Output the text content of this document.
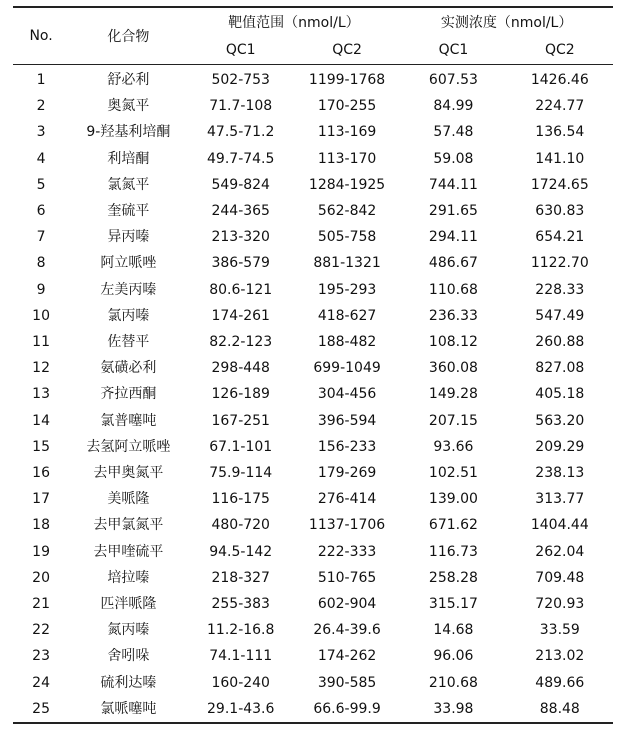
No.	化合物	靶值范围（nmol/L）		实测浓度（nmol/L）	
		QC1	QC2	QC1	QC2
1	舒必利	502-753	1199-1768	607.53	1426.46
2	奥氮平	71.7-108	170-255	84.99	224.77
3	9-羟基利培酮	47.5-71.2	113-169	57.48	136.54
4	利培酮	49.7-74.5	113-170	59.08	141.10
5	氯氮平	549-824	1284-1925	744.11	1724.65
6	奎硫平	244-365	562-842	291.65	630.83
7	异丙嗪	213-320	505-758	294.11	654.21
8	阿立哌唑	386-579	881-1321	486.67	1122.70
9	左美丙嗪	80.6-121	195-293	110.68	228.33
10	氯丙嗪	174-261	418-627	236.33	547.49
11	佐替平	82.2-123	188-482	108.12	260.88
12	氨磺必利	298-448	699-1049	360.08	827.08
13	齐拉西酮	126-189	304-456	149.28	405.18
14	氯普噻吨	167-251	396-594	207.15	563.20
15	去氢阿立哌唑	67.1-101	156-233	93.66	209.29
16	去甲奥氮平	75.9-114	179-269	102.51	238.13
17	美哌隆	116-175	276-414	139.00	313.77
18	去甲氯氮平	480-720	1137-1706	671.62	1404.44
19	去甲喹硫平	94.5-142	222-333	116.73	262.04
20	培拉嗪	218-327	510-765	258.28	709.48
21	匹泮哌隆	255-383	602-904	315.17	720.93
22	氮丙嗪	11.2-16.8	26.4-39.6	14.68	33.59
23	舍吲哚	74.1-111	174-262	96.06	213.02
24	硫利达嗪	160-240	390-585	210.68	489.66
25	氯哌噻吨	29.1-43.6	66.6-99.9	33.98	88.48
